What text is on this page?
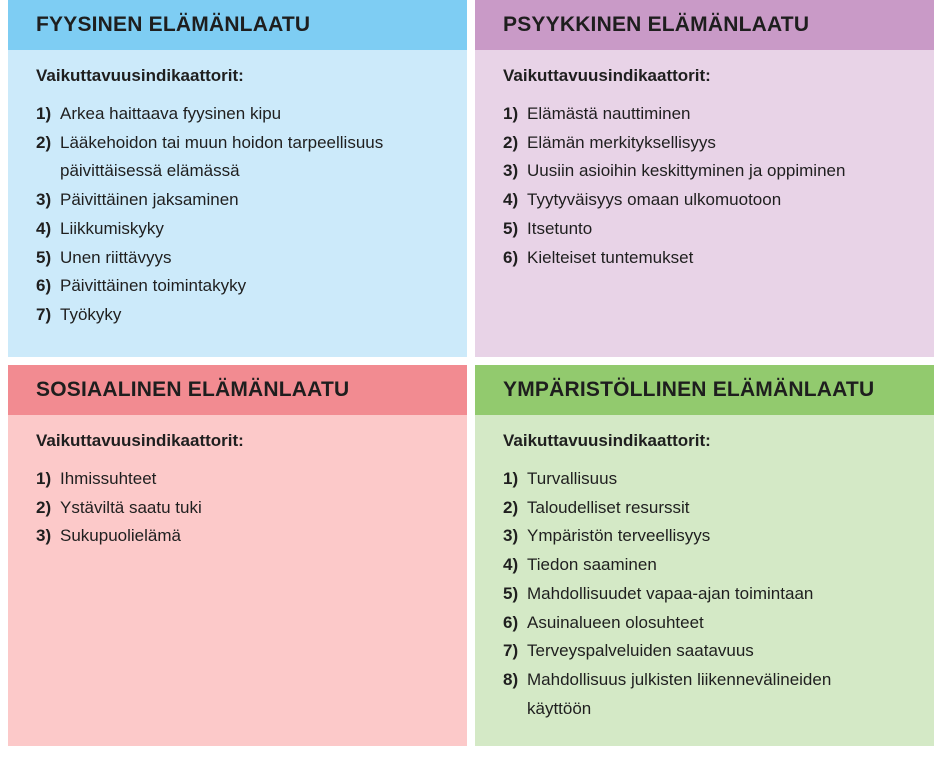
FYYSINEN ELÄMÄNLAATU
Vaikuttavuusindikaattorit:
1) Arkea haittaava fyysinen kipu
2) Lääkehoidon tai muun hoidon tarpeellisuus päivittäisessä elämässä
3) Päivittäinen jaksaminen
4) Liikkumiskyky
5) Unen riittävyys
6) Päivittäinen toimintakyky
7) Työkyky
PSYYKKINEN ELÄMÄNLAATU
Vaikuttavuusindikaattorit:
1) Elämästä nauttiminen
2) Elämän merkityksellisyys
3) Uusiin asioihin keskittyminen ja oppiminen
4) Tyytyväisyys omaan ulkomuotoon
5) Itsetunto
6) Kielteiset tuntemukset
SOSIAALINEN ELÄMÄNLAATU
Vaikuttavuusindikaattorit:
1) Ihmissuhteet
2) Ystäviltä saatu tuki
3) Sukupuolielämä
YMPÄRISTÖLLINEN ELÄMÄNLAATU
Vaikuttavuusindikaattorit:
1) Turvallisuus
2) Taloudelliset resurssit
3) Ympäristön terveellisyys
4) Tiedon saaminen
5) Mahdollisuudet vapaa-ajan toimintaan
6) Asuinalueen olosuhteet
7) Terveyspalveluiden saatavuus
8) Mahdollisuus julkisten liikennevälineiden käyttöön
